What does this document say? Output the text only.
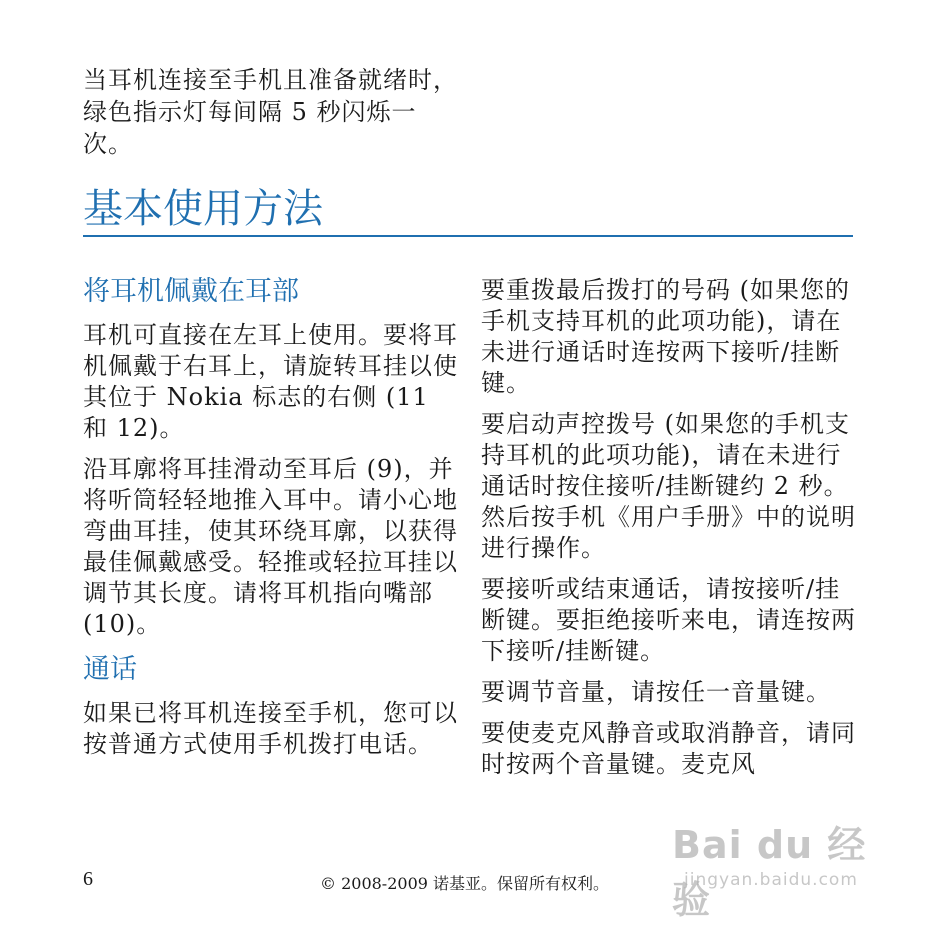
当耳机连接至手机且准备就绪时，绿色指示灯每间隔 5 秒闪烁一次。

基本使用方法
将耳机佩戴在耳部

耳机可直接在左耳上使用。要将耳机佩戴于右耳上，请旋转耳挂以使其位于 Nokia 标志的右侧 (11 和 12)。

沿耳廓将耳挂滑动至耳后 (9)，并将听筒轻轻地推入耳中。请小心地弯曲耳挂，使其环绕耳廓，以获得最佳佩戴感受。轻推或轻拉耳挂以调节其长度。请将耳机指向嘴部 (10)。

通话

如果已将耳机连接至手机，您可以按普通方式使用手机拨打电话。

要重拨最后拨打的号码 (如果您的手机支持耳机的此项功能)，请在未进行通话时连按两下接听/挂断键。

要启动声控拨号 (如果您的手机支持耳机的此项功能)，请在未进行通话时按住接听/挂断键约 2 秒。然后按手机《用户手册》中的说明进行操作。

要接听或结束通话，请按接听/挂断键。要拒绝接听来电，请连按两下接听/挂断键。

要调节音量，请按任一音量键。

要使麦克风静音或取消静音，请同时按两个音量键。麦克风

6	© 2008-2009 诺基亚。保留所有权利。
Bai du 经验
jingyan.baidu.com
